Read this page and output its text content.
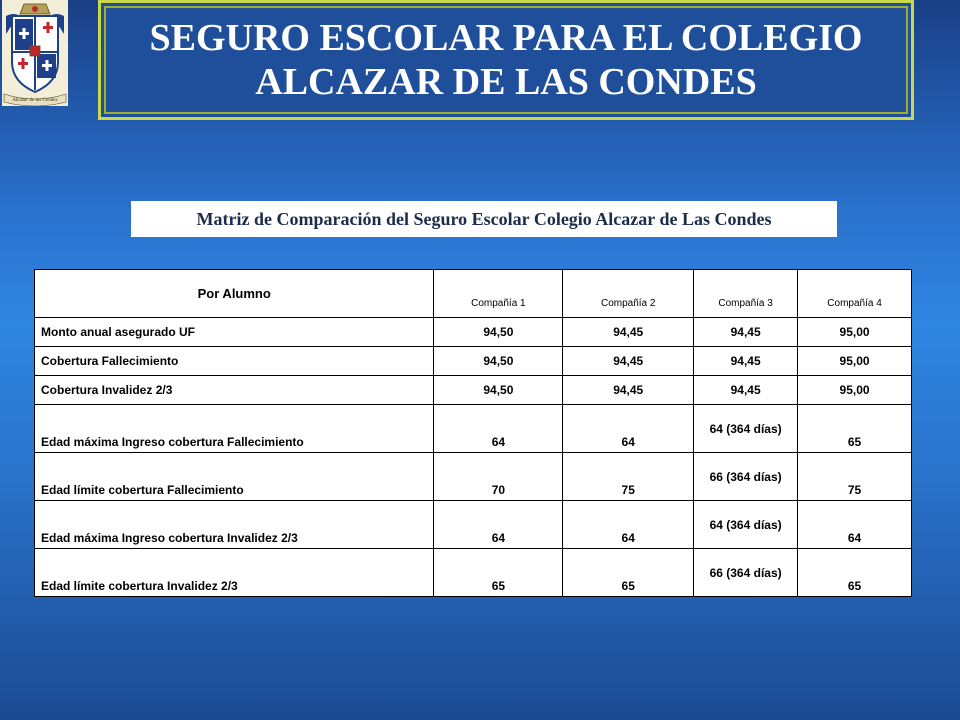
Alcazar de las Condes
SEGURO ESCOLAR PARA EL COLEGIO
ALCAZAR DE LAS CONDES
Matriz de Comparación del Seguro Escolar Colegio Alcazar de Las Condes
Por Alumno	Compañía 1	Compañía 2	Compañía 3	Compañía 4
Monto anual asegurado UF	94,50	94,45	94,45	95,00
Cobertura Fallecimiento	94,50	94,45	94,45	95,00
Cobertura Invalidez 2/3	94,50	94,45	94,45	95,00
Edad máxima Ingreso cobertura Fallecimiento	64	64	64 (364 días)	65
Edad límite cobertura Fallecimiento	70	75	66 (364 días)	75
Edad máxima Ingreso cobertura Invalidez 2/3	64	64	64 (364 días)	64
Edad límite cobertura Invalidez 2/3	65	65	66 (364 días)	65
